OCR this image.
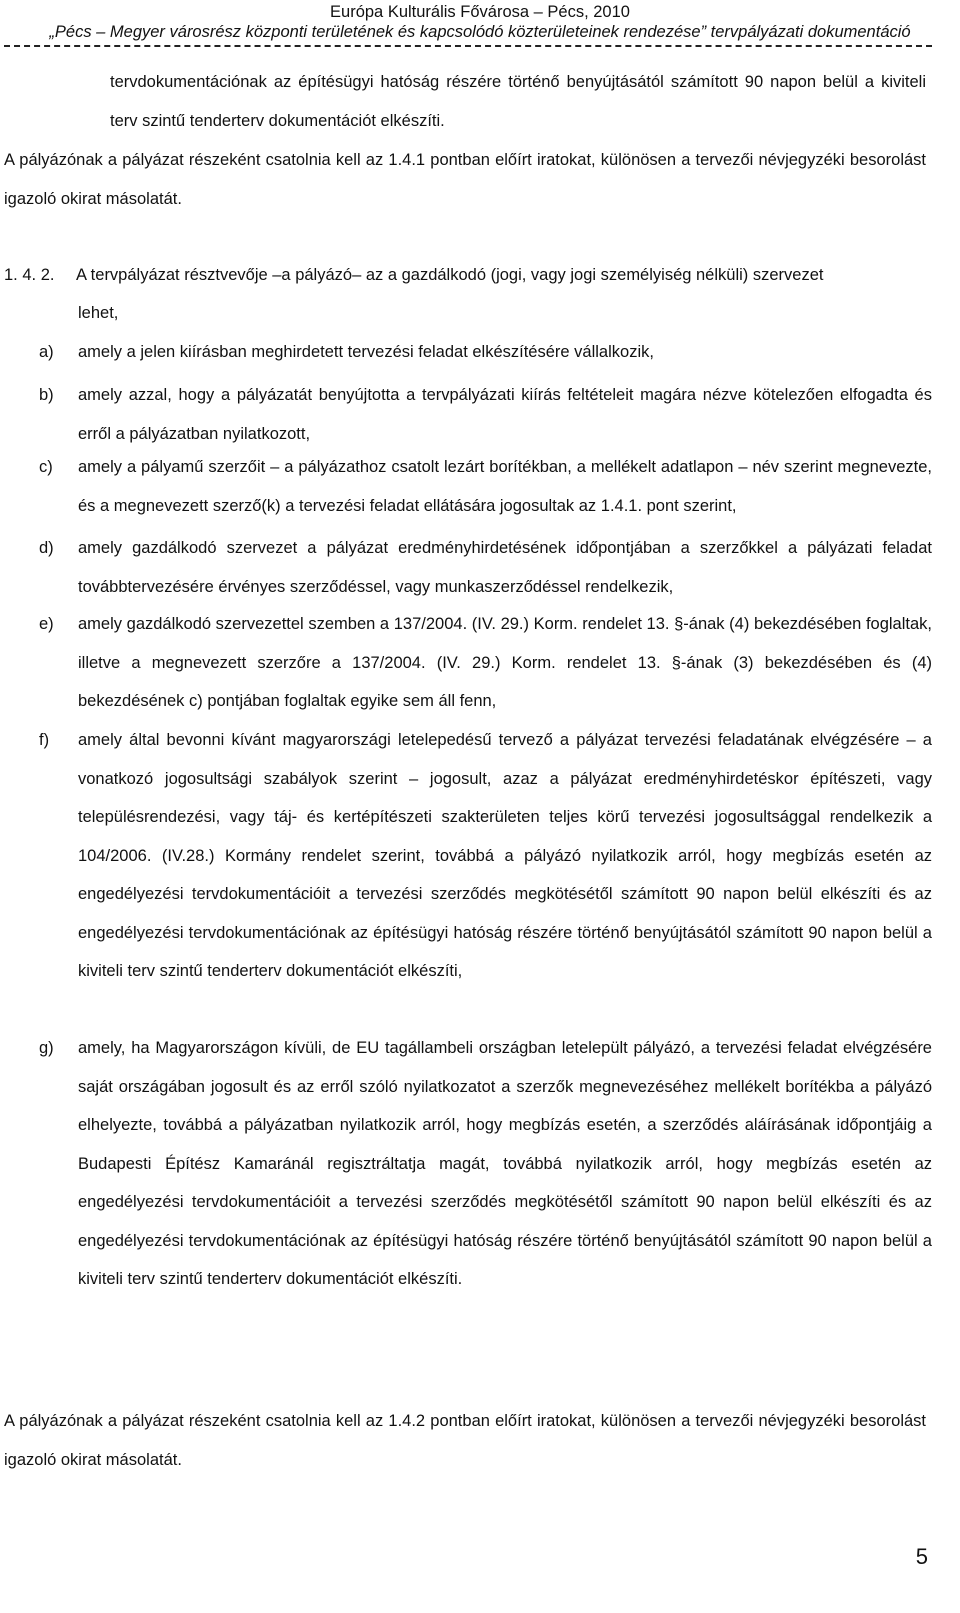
Európa Kulturális Fővárosa – Pécs, 2010
„Pécs – Megyer városrész központi területének és kapcsolódó közterületeinek rendezése” tervpályázati dokumentáció

tervdokumentációnak az építésügyi hatóság részére történő benyújtásától számított 90 napon belül a kiviteli terv szintű tenderterv dokumentációt elkészíti.

A pályázónak a pályázat részeként csatolnia kell az 1.4.1 pontban előírt iratokat, különösen a tervezői névjegyzéki besorolást igazoló okirat másolatát.

1. 4. 2.	A tervpályázat résztvevője –a pályázó– az a gazdálkodó (jogi, vagy jogi személyiség nélküli) szervezet
lehet,
a) amely a jelen kiírásban meghirdetett tervezési feladat elkészítésére vállalkozik,

b) amely azzal, hogy a pályázatát benyújtotta a tervpályázati kiírás feltételeit magára nézve kötelezően elfogadta és erről a pályázatban nyilatkozott,

c) amely a pályamű szerzőit – a pályázathoz csatolt lezárt borítékban, a mellékelt adatlapon – név szerint megnevezte, és a megnevezett szerző(k) a tervezési feladat ellátására jogosultak az 1.4.1. pont szerint,

d) amely gazdálkodó szervezet a pályázat eredményhirdetésének időpontjában a szerzőkkel a pályázati feladat továbbtervezésére érvényes szerződéssel, vagy munkaszerződéssel rendelkezik,

e) amely gazdálkodó szervezettel szemben a 137/2004. (IV. 29.) Korm. rendelet 13. §-ának (4) bekezdésében foglaltak, illetve a megnevezett szerzőre a 137/2004. (IV. 29.) Korm. rendelet 13. §-ának (3) bekezdésében és (4) bekezdésének c) pontjában foglaltak egyike sem áll fenn,

f) amely által bevonni kívánt magyarországi letelepedésű tervező a pályázat tervezési feladatának elvégzésére – a vonatkozó jogosultsági szabályok szerint – jogosult, azaz a pályázat eredményhirdetéskor építészeti, vagy településrendezési, vagy táj- és kertépítészeti szakterületen teljes körű tervezési jogosultsággal rendelkezik a 104/2006. (IV.28.) Kormány rendelet szerint, továbbá a pályázó nyilatkozik arról, hogy megbízás esetén az engedélyezési tervdokumentációit a tervezési szerződés megkötésétől számított 90 napon belül elkészíti és az engedélyezési tervdokumentációnak az építésügyi hatóság részére történő benyújtásától számított 90 napon belül a kiviteli terv szintű tenderterv dokumentációt elkészíti,

g) amely, ha Magyarországon kívüli, de EU tagállambeli országban letelepült pályázó, a tervezési feladat elvégzésére saját országában jogosult és az erről szóló nyilatkozatot a szerzők megnevezéséhez mellékelt borítékba a pályázó elhelyezte, továbbá a pályázatban nyilatkozik arról, hogy megbízás esetén, a szerződés aláírásának időpontjáig a Budapesti Építész Kamaránál regisztráltatja magát, továbbá nyilatkozik arról, hogy megbízás esetén az engedélyezési tervdokumentációit a tervezési szerződés megkötésétől számított 90 napon belül elkészíti és az engedélyezési tervdokumentációnak az építésügyi hatóság részére történő benyújtásától számított 90 napon belül a kiviteli terv szintű tenderterv dokumentációt elkészíti.

A pályázónak a pályázat részeként csatolnia kell az 1.4.2 pontban előírt iratokat, különösen a tervezői névjegyzéki besorolást igazoló okirat másolatát.

5
